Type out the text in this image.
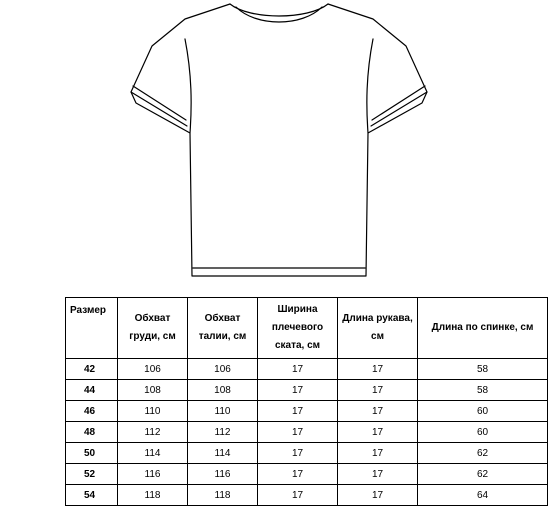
Размер	Обхват груди, см	Обхват талии, см	Ширина плечевого ската, см	Длина рукава, см	Длина по спинке, см
42	106	106	17	17	58
44	108	108	17	17	58
46	110	110	17	17	60
48	112	112	17	17	60
50	114	114	17	17	62
52	116	116	17	17	62
54	118	118	17	17	64
